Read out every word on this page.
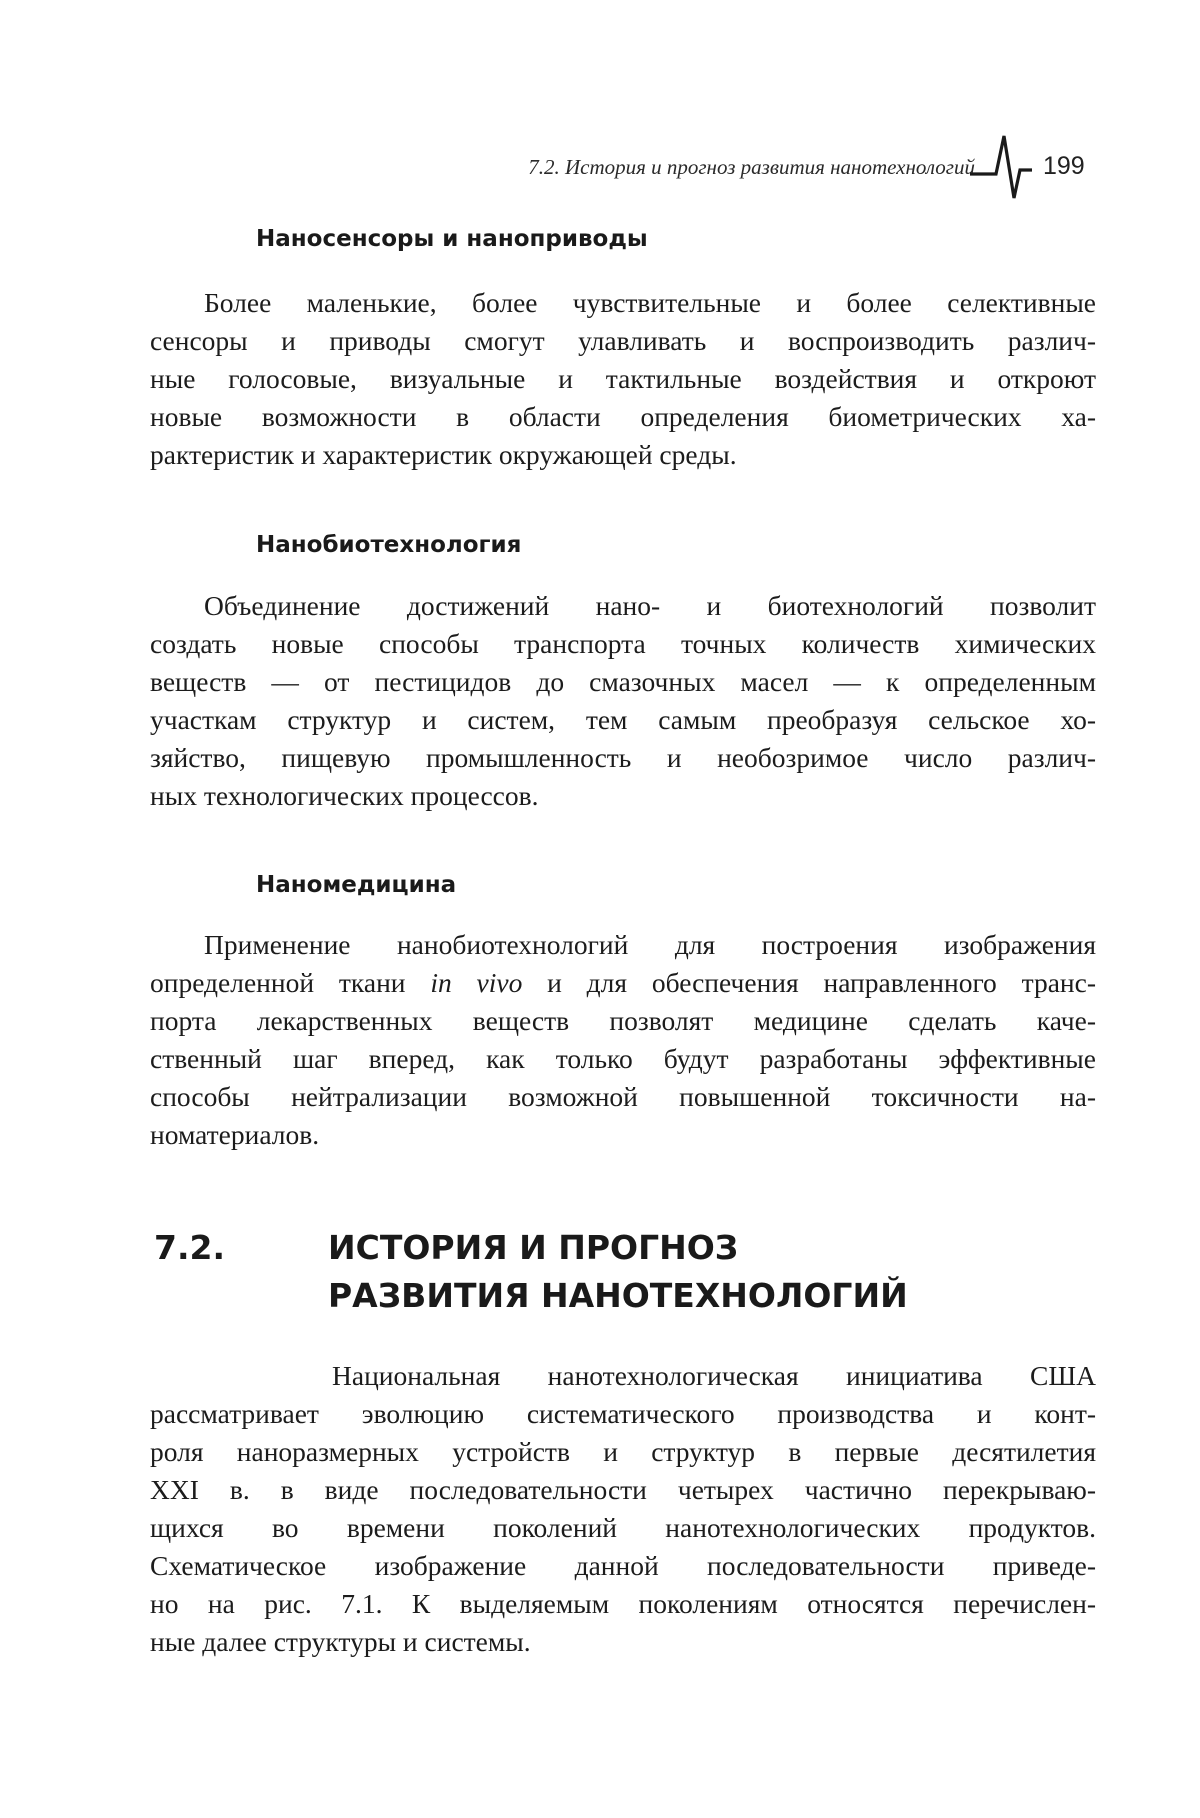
7.2. История и прогноз развития нанотехнологий	199
Наносенсоры и наноприводы
Более маленькие, более чувствительные и более селективные
сенсоры и приводы смогут улавливать и воспроизводить различ-
ные голосовые, визуальные и тактильные воздействия и откроют
новые возможности в области определения биометрических ха-
рактеристик и характеристик окружающей среды.
Нанобиотехнология
Объединение достижений нано- и биотехнологий позволит
создать новые способы транспорта точных количеств химических
веществ — от пестицидов до смазочных масел — к определенным
участкам структур и систем, тем самым преобразуя сельское хо-
зяйство, пищевую промышленность и необозримое число различ-
ных технологических процессов.
Наномедицина
Применение нанобиотехнологий для построения изображения
определенной ткани in vivo и для обеспечения направленного транс-
порта лекарственных веществ позволят медицине сделать каче-
ственный шаг вперед, как только будут разработаны эффективные
способы нейтрализации возможной повышенной токсичности на-
номатериалов.
7.2.	ИСТОРИЯ И ПРОГНОЗ
РАЗВИТИЯ НАНОТЕХНОЛОГИЙ
Национальная нанотехнологическая инициатива США
рассматривает эволюцию систематического производства и конт-
роля наноразмерных устройств и структур в первые десятилетия
XXI в. в виде последовательности четырех частично перекрываю-
щихся во времени поколений нанотехнологических продуктов.
Схематическое изображение данной последовательности приведе-
но на рис. 7.1. К выделяемым поколениям относятся перечислен-
ные далее структуры и системы.
